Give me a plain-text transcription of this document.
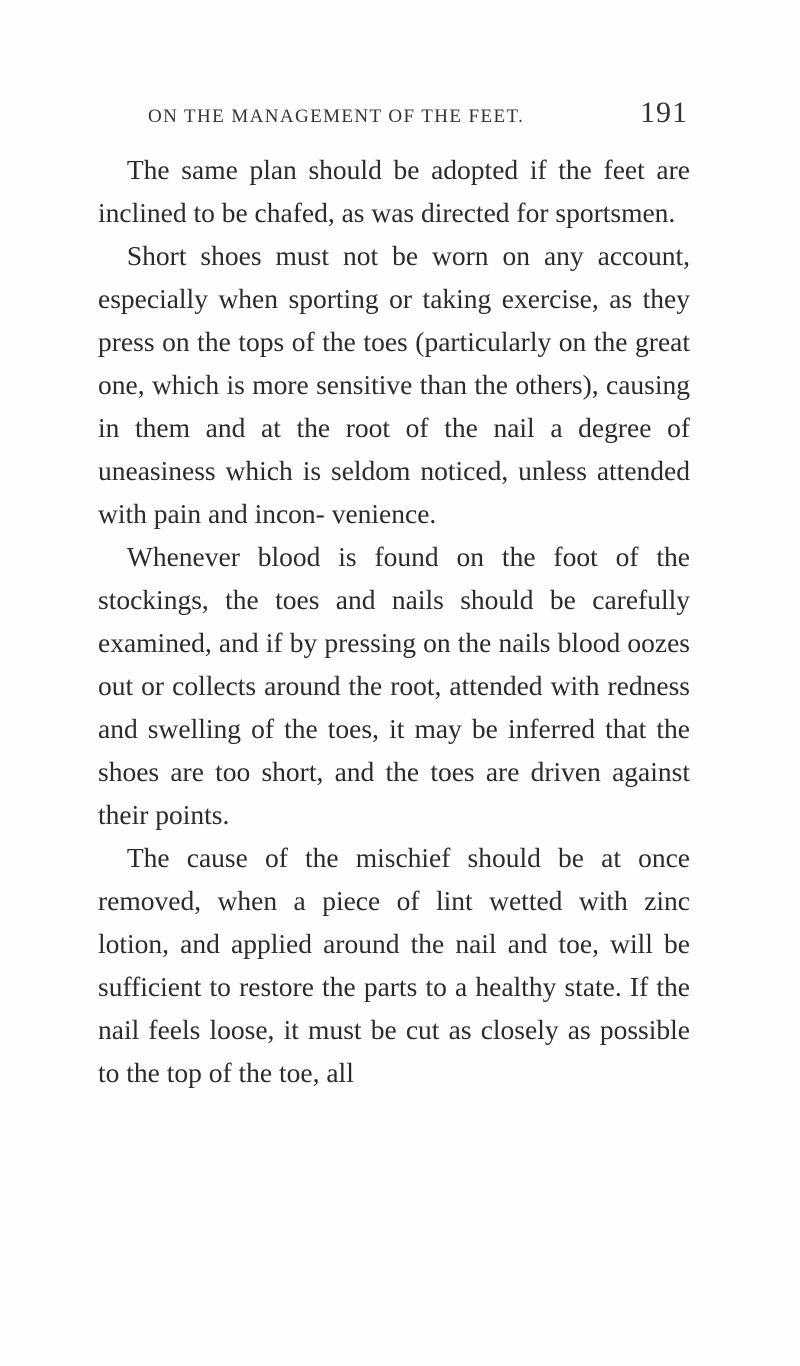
ON THE MANAGEMENT OF THE FEET.	191

The same plan should be adopted if the feet are inclined to be chafed, as was directed for sportsmen.

Short shoes must not be worn on any account, especially when sporting or taking exercise, as they press on the tops of the toes (particularly on the great one, which is more sensitive than the others), causing in them and at the root of the nail a degree of uneasiness which is seldom noticed, unless attended with pain and incon- venience.

Whenever blood is found on the foot of the stockings, the toes and nails should be carefully examined, and if by pressing on the nails blood oozes out or collects around the root, attended with redness and swelling of the toes, it may be inferred that the shoes are too short, and the toes are driven against their points.

The cause of the mischief should be at once removed, when a piece of lint wetted with zinc lotion, and applied around the nail and toe, will be sufficient to restore the parts to a healthy state. If the nail feels loose, it must be cut as closely as possible to the top of the toe, all
